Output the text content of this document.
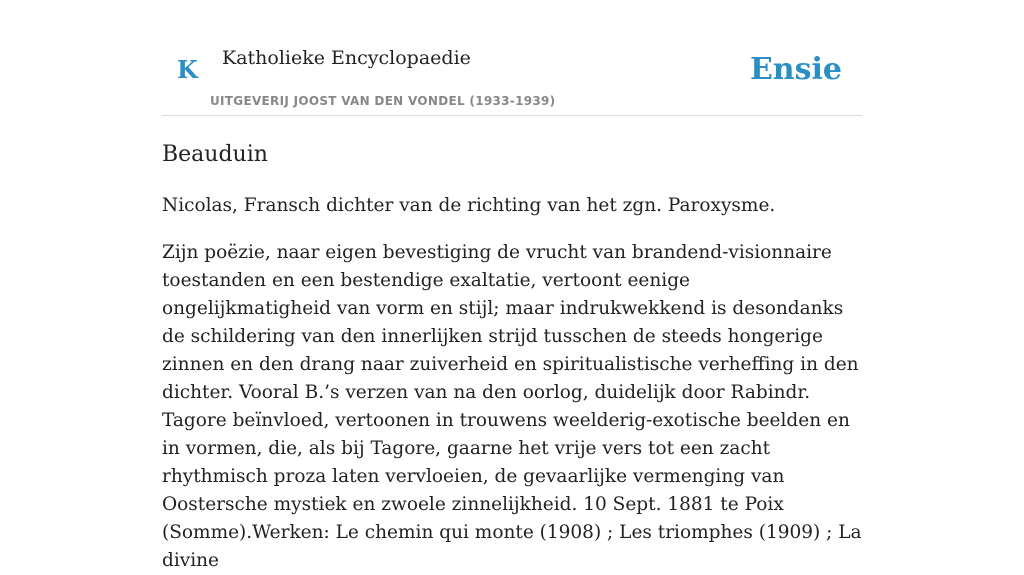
K Katholieke Encyclopaedie
UITGEVERIJ JOOST VAN DEN VONDEL (1933-1939)
Ensie
Beauduin

Nicolas, Fransch dichter van de richting van het zgn. Paroxysme.

Zijn poëzie, naar eigen bevestiging de vrucht van brandend-visionnaire toestanden en een bestendige exaltatie, vertoont eenige ongelijkmatigheid van vorm en stijl; maar indrukwekkend is desondanks de schildering van den innerlijken strijd tusschen de steeds hongerige zinnen en den drang naar zuiverheid en spiritualistische verheffing in den dichter. Vooral B.’s verzen van na den oorlog, duidelijk door Rabindr. Tagore beïnvloed, vertoonen in trouwens weelderig-exotische beelden en in vormen, die, als bij Tagore, gaarne het vrije vers tot een zacht rhythmisch proza laten vervloeien, de gevaarlijke vermenging van Oostersche mystiek en zwoele zinnelijkheid. 10 Sept. 1881 te Poix (Somme).Werken: Le chemin qui monte (1908) ; Les triomphes (1909) ; La divine
